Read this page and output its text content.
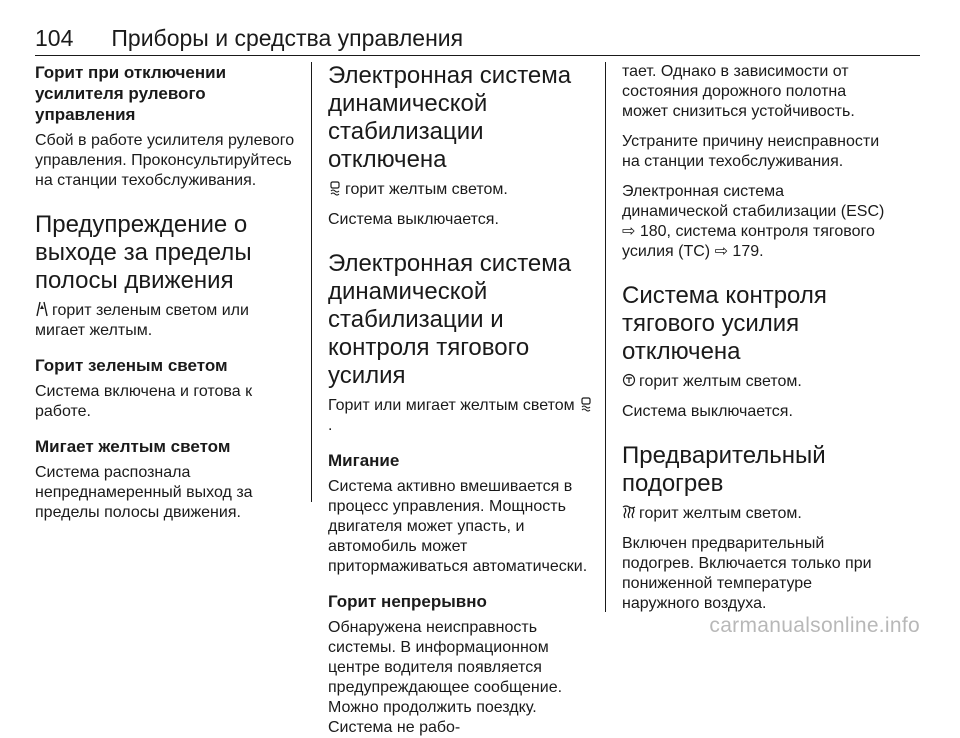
104 Приборы и средства управления
Горит при отключении усилителя рулевого управления

Сбой в работе усилителя рулевого управления. Проконсультируйтесь на станции техобслуживания.

Предупреждение о выходе за пределы полосы движения

горит зеленым светом или мигает желтым.

Горит зеленым светом

Система включена и готова к работе.

Мигает желтым светом

Система распознала непреднамеренный выход за пределы полосы движения.

Электронная система динамической стабилизации отключена

горит желтым светом.

Система выключается.

Электронная система динамической стабилизации и контроля тягового усилия

Горит или мигает желтым светом
.

Мигание

Система активно вмешивается в процесс управления. Мощность двигателя может упасть, и автомобиль может притормаживаться автоматически.

Горит непрерывно

Обнаружена неисправность системы. В информационном центре водителя появляется предупреждающее сообщение. Можно продолжить поездку. Система не рабо-

тает. Однако в зависимости от состояния дорожного полотна может снизиться устойчивость.

Устраните причину неисправности на станции техобслуживания.

Электронная система динамической стабилизации (ESC) ⇨ 180, система контроля тягового усилия (TC) ⇨ 179.

Система контроля тягового усилия отключена

горит желтым светом.

Система выключается.

Предварительный подогрев

горит желтым светом.

Включен предварительный подогрев. Включается только при пониженной температуре наружного воздуха.

carmanualsonline.info
